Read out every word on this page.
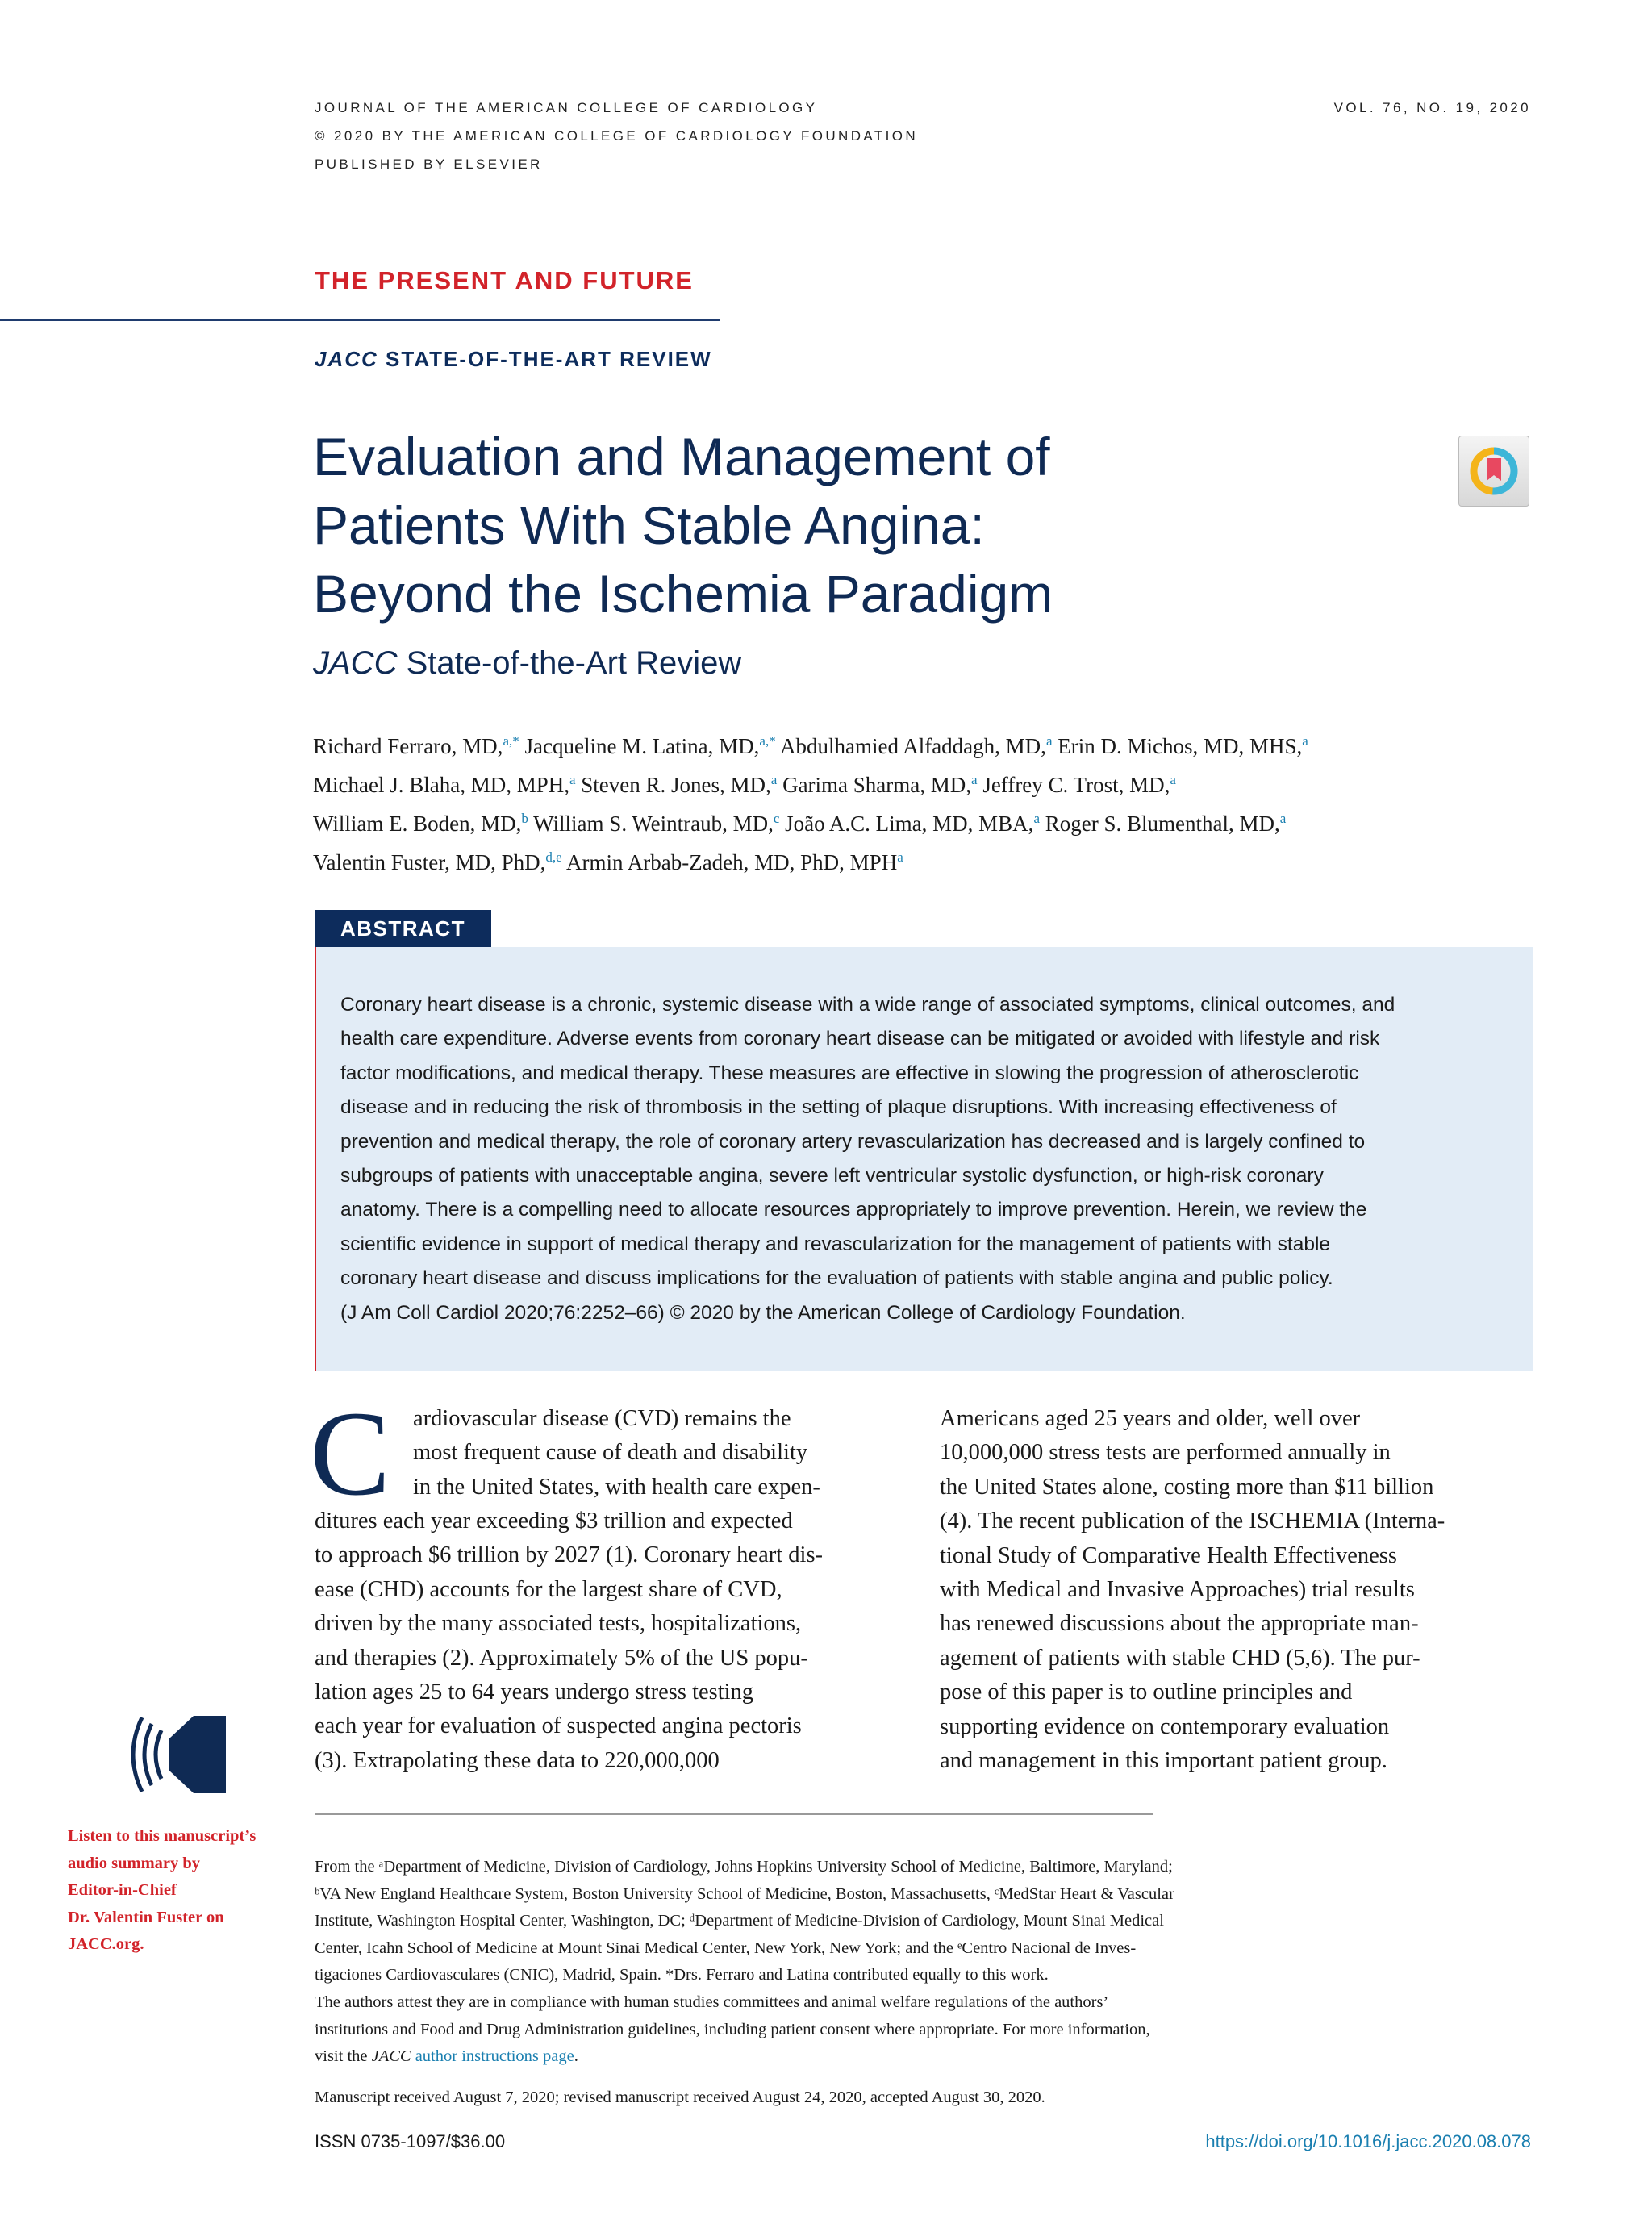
JOURNAL OF THE AMERICAN COLLEGE OF CARDIOLOGY
© 2020 BY THE AMERICAN COLLEGE OF CARDIOLOGY FOUNDATION
PUBLISHED BY ELSEVIER
VOL. 76, NO. 19, 2020
THE PRESENT AND FUTURE
JACC STATE-OF-THE-ART REVIEW
Evaluation and Management of
Patients With Stable Angina:
Beyond the Ischemia Paradigm
JACC State-of-the-Art Review
Richard Ferraro, MD,$^{a,*}$ Jacqueline M. Latina, MD,$^{a,*}$ Abdulhamied Alfaddagh, MD,$^a$ Erin D. Michos, MD, MHS,$^a$
Michael J. Blaha, MD, MPH,$^a$ Steven R. Jones, MD,$^a$ Garima Sharma, MD,$^a$ Jeffrey C. Trost, MD,$^a$
William E. Boden, MD,$^b$ William S. Weintraub, MD,$^c$ João A.C. Lima, MD, MBA,$^a$ Roger S. Blumenthal, MD,$^a$
Valentin Fuster, MD, PhD,$^{d,e}$ Armin Arbab-Zadeh, MD, PhD, MPH$^a$
ABSTRACT
Coronary heart disease is a chronic, systemic disease with a wide range of associated symptoms, clinical outcomes, and
health care expenditure. Adverse events from coronary heart disease can be mitigated or avoided with lifestyle and risk
factor modifications, and medical therapy. These measures are effective in slowing the progression of atherosclerotic
disease and in reducing the risk of thrombosis in the setting of plaque disruptions. With increasing effectiveness of
prevention and medical therapy, the role of coronary artery revascularization has decreased and is largely confined to
subgroups of patients with unacceptable angina, severe left ventricular systolic dysfunction, or high-risk coronary
anatomy. There is a compelling need to allocate resources appropriately to improve prevention. Herein, we review the
scientific evidence in support of medical therapy and revascularization for the management of patients with stable
coronary heart disease and discuss implications for the evaluation of patients with stable angina and public policy.
(J Am Coll Cardiol 2020;76:2252–66) © 2020 by the American College of Cardiology Foundation.
C ardiovascular disease (CVD) remains the
most frequent cause of death and disability
in the United States, with health care expen-
ditures each year exceeding $3 trillion and expected
to approach $6 trillion by 2027 (1). Coronary heart dis-
ease (CHD) accounts for the largest share of CVD,
driven by the many associated tests, hospitalizations,
and therapies (2). Approximately 5% of the US popu-
lation ages 25 to 64 years undergo stress testing
each year for evaluation of suspected angina pectoris
(3). Extrapolating these data to 220,000,000
Americans aged 25 years and older, well over
10,000,000 stress tests are performed annually in
the United States alone, costing more than $11 billion
(4). The recent publication of the ISCHEMIA (Interna-
tional Study of Comparative Health Effectiveness
with Medical and Invasive Approaches) trial results
has renewed discussions about the appropriate man-
agement of patients with stable CHD (5,6). The pur-
pose of this paper is to outline principles and
supporting evidence on contemporary evaluation
and management in this important patient group.
Listen to this manuscript’s
audio summary by
Editor-in-Chief
Dr. Valentin Fuster on
JACC.org.
From the ᵃDepartment of Medicine, Division of Cardiology, Johns Hopkins University School of Medicine, Baltimore, Maryland;
ᵇVA New England Healthcare System, Boston University School of Medicine, Boston, Massachusetts, ᶜMedStar Heart & Vascular
Institute, Washington Hospital Center, Washington, DC; ᵈDepartment of Medicine-Division of Cardiology, Mount Sinai Medical
Center, Icahn School of Medicine at Mount Sinai Medical Center, New York, New York; and the ᵉCentro Nacional de Inves-
tigaciones Cardiovasculares (CNIC), Madrid, Spain. *Drs. Ferraro and Latina contributed equally to this work.
The authors attest they are in compliance with human studies committees and animal welfare regulations of the authors’
institutions and Food and Drug Administration guidelines, including patient consent where appropriate. For more information,
visit the JACC author instructions page.
Manuscript received August 7, 2020; revised manuscript received August 24, 2020, accepted August 30, 2020.
ISSN 0735-1097/$36.00	https://doi.org/10.1016/j.jacc.2020.08.078
